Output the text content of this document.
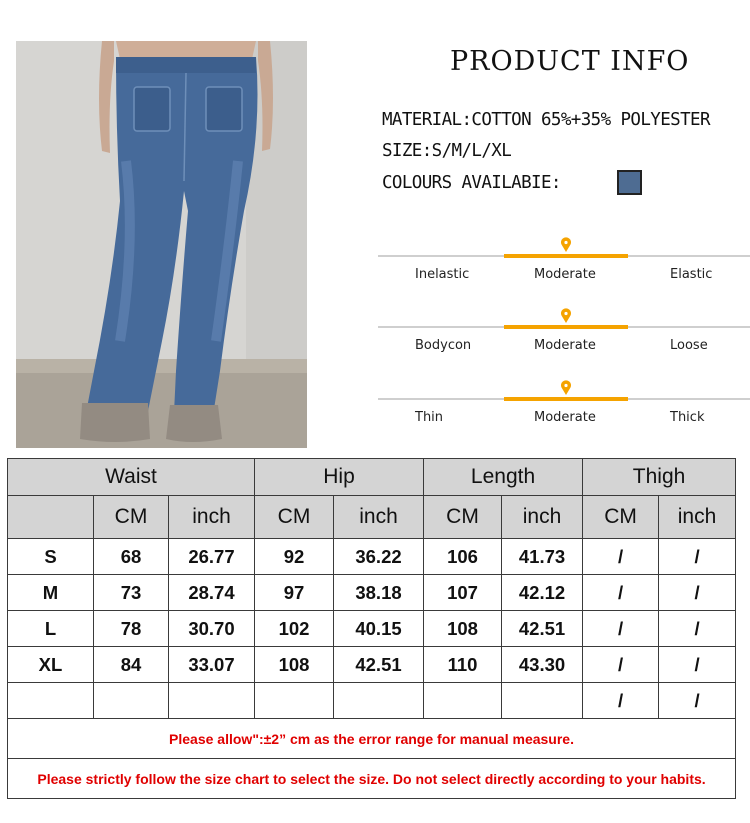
PRODUCT INFO
MATERIAL:COTTON 65%+35% POLYESTER
SIZE:S/M/L/XL
COLOURS AVAILABIE:
Inelastic	Moderate	Elastic
Bodycon	Moderate	Loose
Thin	Moderate	Thick
Waist			Hip		Length		Thigh	
	CM	inch	CM	inch	CM	inch	CM	inch
S	68	26.77	92	36.22	106	41.73	/	/
M	73	28.74	97	38.18	107	42.12	/	/
L	78	30.70	102	40.15	108	42.51	/	/
XL	84	33.07	108	42.51	110	43.30	/	/
							/	/
Please allow":±2” cm as the error range for manual measure.								
Please strictly follow the size chart to select the size. Do not select directly according to your habits.								
